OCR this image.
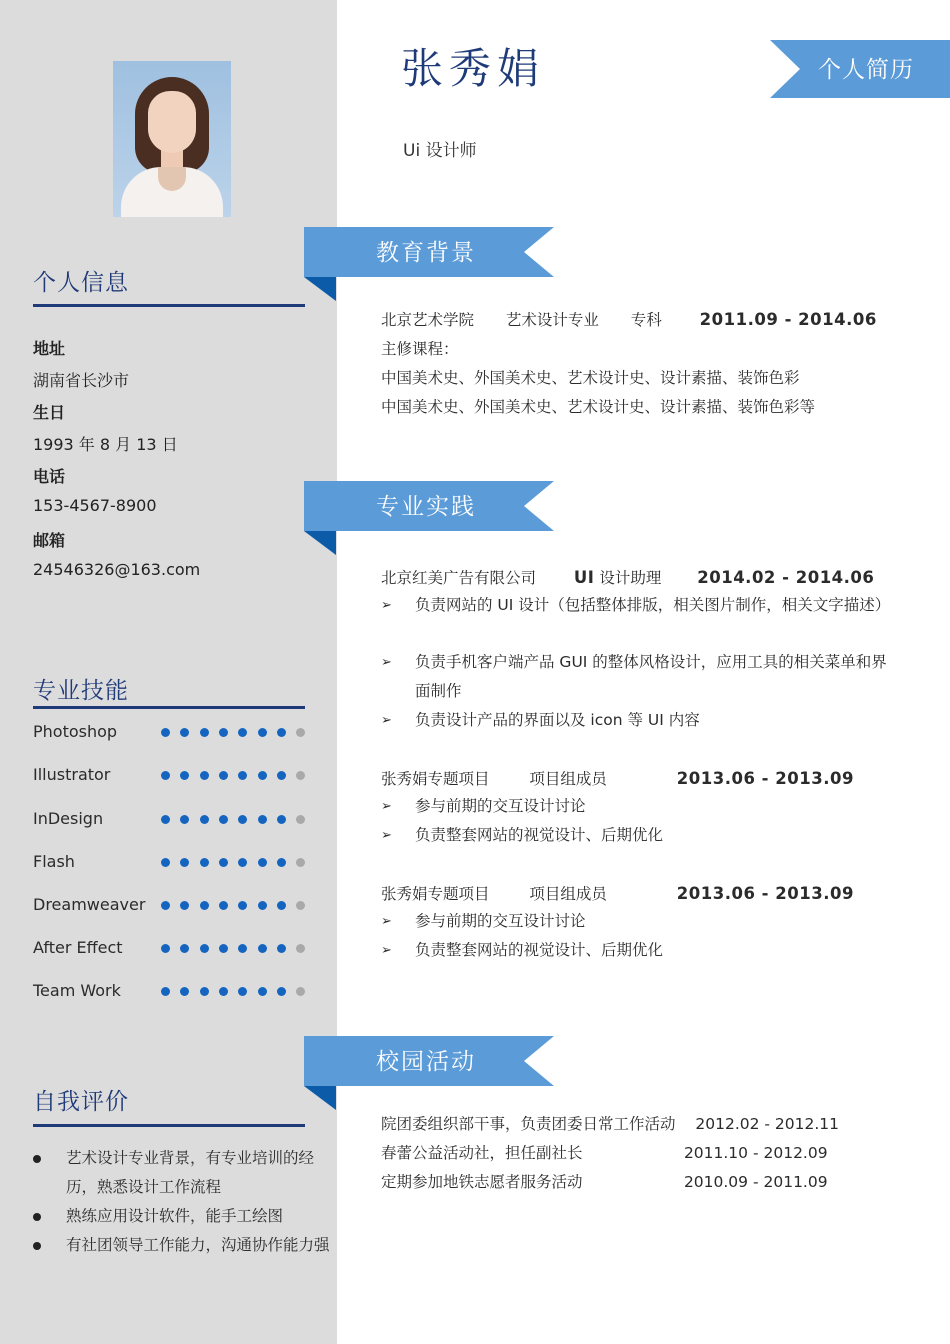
个人信息
地址
湖南省长沙市
生日
1993 年 8 月 13 日
电话
153-4567-8900
邮箱
24546326@163.com
专业技能
Photoshop
Illustrator
InDesign
Flash
Dreamweaver
After Effect
Team Work
自我评价
艺术设计专业背景，有专业培训的经历，熟悉设计工作流程
熟练应用设计软件，能手工绘图
有社团领导工作能力，沟通协作能力强
张秀娟
Ui 设计师
个人简历
教育背景
专业实践
校园活动
北京艺术学院 艺术设计专业 专科 2011.09 - 2014.06
主修课程：
中国美术史、外国美术史、艺术设计史、设计素描、装饰色彩
中国美术史、外国美术史、艺术设计史、设计素描、装饰色彩等
北京红美广告有限公司 UI 设计助理 2014.02 - 2014.06
➢ 负责网站的 UI 设计（包括整体排版，相关图片制作，相关文字描述）
➢ 负责手机客户端产品 GUI 的整体风格设计，应用工具的相关菜单和界面制作
➢ 负责设计产品的界面以及 icon 等 UI 内容
张秀娟专题项目	项目组成员	2013.06 - 2013.09
➢ 参与前期的交互设计讨论
➢ 负责整套网站的视觉设计、后期优化
张秀娟专题项目	项目组成员	2013.06 - 2013.09
➢ 参与前期的交互设计讨论
➢ 负责整套网站的视觉设计、后期优化
院团委组织部干事，负责团委日常工作活动 2012.02 - 2012.11
春蕾公益活动社，担任副社长	2011.10 - 2012.09
定期参加地铁志愿者服务活动	2010.09 - 2011.09
